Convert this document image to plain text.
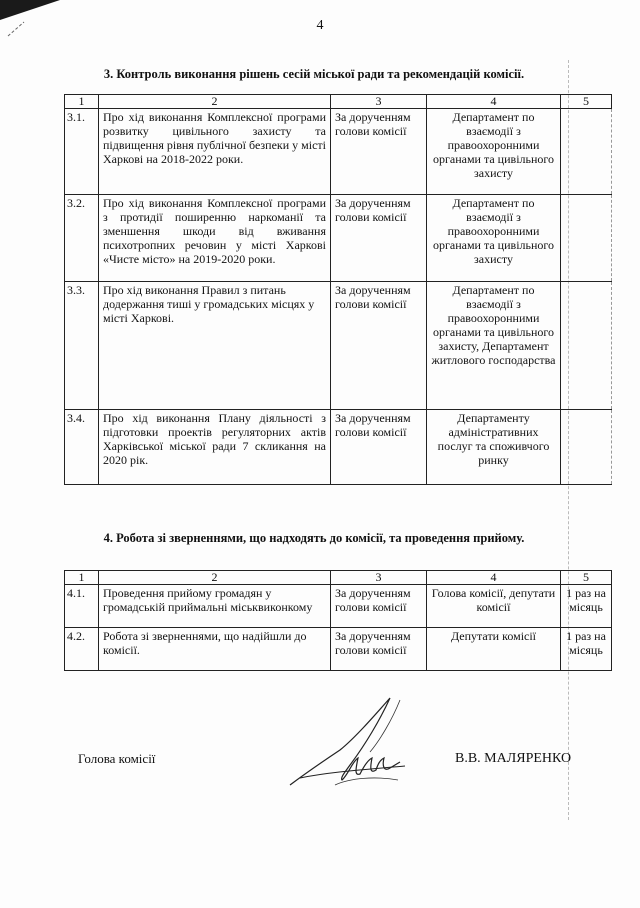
4
3. Контроль виконання рішень сесій міської ради та рекомендацій комісії.
1	2	3	4	5
3.1.	Про хід виконання Комплексної програми розвитку цивільного захисту та підвищення рівня публічної безпеки у місті Харкові на 2018-2022 роки.	За дорученням голови комісії	Департамент по взаємодії з правоохоронними органами та цивільного захисту	
3.2.	Про хід виконання Комплексної програми з протидії поширенню наркоманії та зменшення шкоди від вживання психотропних речовин у місті Харкові «Чисте місто» на 2019-2020 роки.	За дорученням голови комісії	Департамент по взаємодії з правоохоронними органами та цивільного захисту	
3.3.	Про хід виконання Правил з питань додержання тиші у громадських місцях у місті Харкові.	За дорученням голови комісії	Департамент по взаємодії з правоохоронними органами та цивільного захисту, Департамент житлового господарства	
3.4.	Про хід виконання Плану діяльності з підготовки проектів регуляторних актів Харківської міської ради 7 скликання на 2020 рік.	За дорученням голови комісії	Департаменту адміністративних послуг та споживчого ринку	
4. Робота зі зверненнями, що надходять до комісії, та проведення прийому.
1	2	3	4	5
4.1.	Проведення прийому громадян у громадській приймальні міськвиконкому	За дорученням голови комісії	Голова комісії, депутати комісії	1 раз на місяць
4.2.	Робота зі зверненнями, що надійшли до комісії.	За дорученням голови комісії	Депутати комісії	1 раз на місяць
Голова комісії	В.В. МАЛЯРЕНКО
